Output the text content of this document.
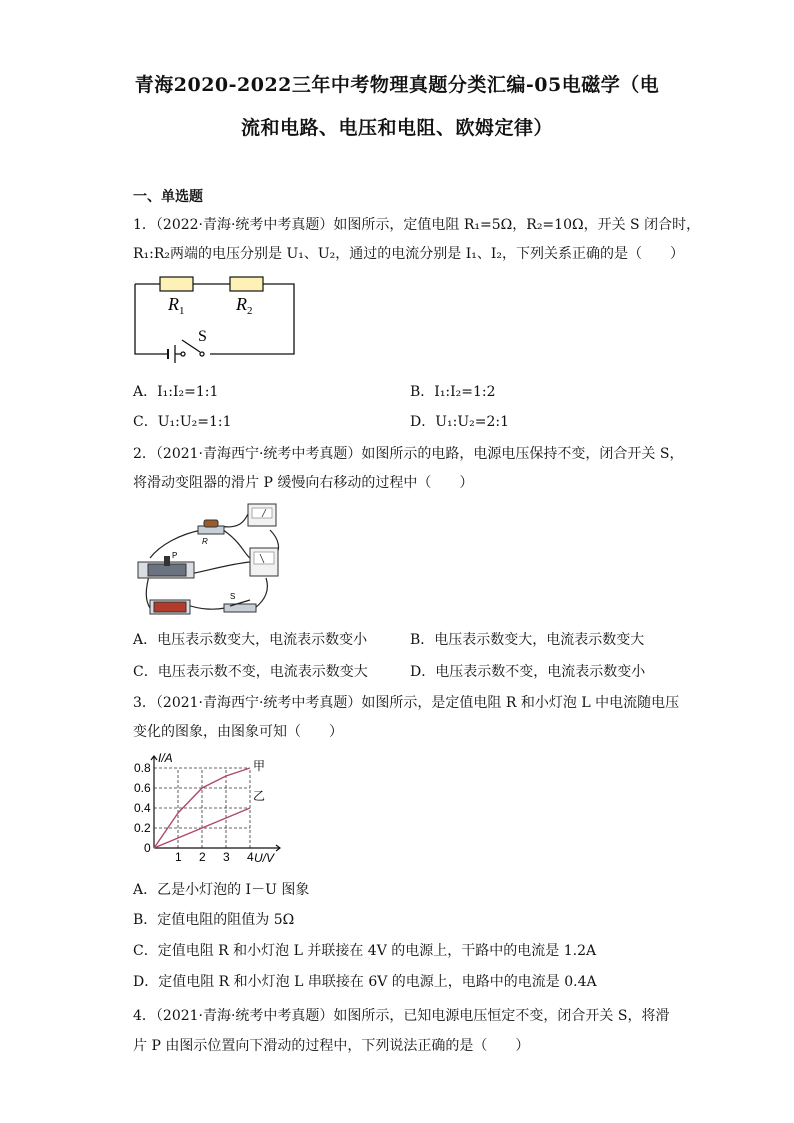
青海2020-2022三年中考物理真题分类汇编-05电磁学（电
流和电路、电压和电阻、欧姆定律）
一、单选题
1．（2022·青海·统考中考真题）如图所示，定值电阻 R₁=5Ω，R₂=10Ω，开关 S 闭合时，
R₁:R₂两端的电压分别是 U₁、U₂，通过的电流分别是 I₁、I₂，下列关系正确的是（　　）
$R_1$	$R_2$
S
A．I₁:I₂=1:1	B．I₁:I₂=1:2
C．U₁:U₂=1:1	D．U₁:U₂=2:1
2．（2021·青海西宁·统考中考真题）如图所示的电路，电源电压保持不变，闭合开关 S，
将滑动变阻器的滑片 P 缓慢向右移动的过程中（　　）
P
R
S
A．电压表示数变大，电流表示数变小	B．电压表示数变大，电流表示数变大
C．电压表示数不变，电流表示数变大	D．电压表示数不变，电流表示数变小
3．（2021·青海西宁·统考中考真题）如图所示，是定值电阻 R 和小灯泡 L 中电流随电压
变化的图象，由图象可知（　　）
1 2 3 4
0.8
0.6
0.4
0.2
0
I/A
U/V
甲
乙
A．乙是小灯泡的 I－U 图象
B．定值电阻的阻值为 5Ω
C．定值电阻 R 和小灯泡 L 并联接在 4V 的电源上，干路中的电流是 1.2A
D．定值电阻 R 和小灯泡 L 串联接在 6V 的电源上，电路中的电流是 0.4A
4．（2021·青海·统考中考真题）如图所示，已知电源电压恒定不变，闭合开关 S，将滑
片 P 由图示位置向下滑动的过程中，下列说法正确的是（　　）
